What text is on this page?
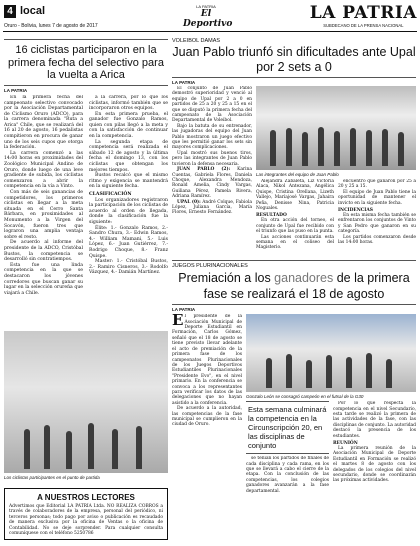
4 local	LA PATRIA
El Deportivo
LA PATRIA
SUBDECANO DE LA PRENSA NACIONAL
Oruro - Bolivia, lunes 7 de agosto de 2017
16 ciclistas participaron en la primera fecha del selectivo para la vuelta a Arica
LA PATRIA

En la primera fecha del campeonato selectivo convocado por la Asociación Departamental de Ciclismo Oruro (ADCO), para la carrera denominada "Ruta a Arica" Chile, que se realizará del 16 al 20 de agosto, 16 pedalistas compitieron en procura de ganar uno de los seis cupos que otorga la federación.

La carrera comenzó a las 14:00 horas en proximidades del Zoológico Municipal Andino de Oruro, donde luego de una leve gradiente de subida, los ciclistas comenzaron a abrir la competencia en la vía a Vinto.

Con más de seis ganancias de competidores, los primeros ciclistas en llegar a la meta situada en el Cerro Santa Bárbara, en proximidades al Monumento a la Virgen del Socavón, fueron tres que lograron una amplia ventaja sobre el resto.

De acuerdo al informe del presidente de la ADCO, Cristóbal Bustos, la competencia se desarrolló sin contratiempos.

Esta fue una linda competencia en la que se destacaron los jóvenes corredores que buscan ganar su lugar en la selección orureña que viajará a Chile.

a la carrera, por lo que los ciclistas, informó también que se incorporaron otros equipos.

En esta primera prueba, el ganador fue Gonzalo Ramos, quien con pilas llegó a la meta y con la satisfacción de continuar en la competencia.

La segunda etapa de competencia será realizada el sábado 12 de agosto y la última fecha el domingo 13, con los ciclistas que obtengan los mejores tiempos.

Bustos recalcó que el mismo ritmo y exigencia se mantendrá en la siguiente fecha.

CLASIFICACIÓN

Los organizadores registraron la participación de los ciclistas de acuerdo al orden de llegada, donde la clasificación fue la siguiente:

Élite: 1.- Gonzalo Ramos, 2.- Sandro Chura, 3.- Edwin Ramos, 4.- William Mamani, 5.- Luis López, 6.- Juan Gutiérrez, 7.- Rodrigo Choque, 8.- Franz Quispe.

Master: 1.- Cristóbal Bustos, 2.- Ramiro Cisneros, 3.- Rodolfo Vázquez, 4.- Damián Martínez.

Los ciclistas participantes en el punto de partida
A NUESTROS LECTORES
Advertimos que Editorial LA PATRIA Ltda. NO REALIZA COBROS a través de colaboradores de la empresa, personal del periódico, ni terceros personas; todo pago por aviso o publicación es recaudado de manera exclusiva por la oficina de Ventas o la oficina de Contabilidad. No se deje sorprender. Para cualquier consulta comuníquese con el teléfono 5250786
VOLEIBOL DAMAS
Juan Pablo triunfó sin dificultades ante Upal por 2 sets a 0
LA PATRIA

El conjunto de Juan Pablo demostró superioridad y venció al equipo de Upal por 2 a 0 en partidos de 25 a 20 y 25 a 15 en el que se disputó la primera fecha del campeonato de la Asociación Departamental de Voleibol.

Bajo la batuta de su entrenador, las jugadoras del equipo del Juan Pablo mostraron un juego efectivo que les permitió ganar los sets sin mayores complicaciones.

Upal mostró sus buenos tiros, pero las integrantes de Juan Pablo tuvieron la defensa necesaria.

JUAN PABLO (2): Karina Cuentas, Gabriela Flores, Daniela Choque, Alexandra Mendoza, Ronald Amelia, Cindy Vargas, Guiliana Pérez, Pamela Rivera, Adriana Ramírez.

UPAL (0): André Colque, Fabiola López, Juliana García, María Flores, Ernesto Fernández.

Las integrantes del equipo de Juan Pablo

Alejandra Zabaleta, Liz Victoria Alaca, Nikol Antezana, Angélica Quispe, Cristina Orellana, Lizeth Vallejo, Maríajosé Vargas, Jahaira Peña, Denisse Nina, Patricia Noguales.

RESULTADO

En otra acción del torneo, el conjunto de Upal fue recibido con el triunfo que las puso en la punta.

Las acciones continuarán esta semana en el coliseo del Magisterio.

encuentro que ganaron por 25 a 20 y 25 a 15.

El equipo de Juan Pablo tiene la oportunidad de mantener el invicto en la siguiente fecha.

INCIDENCIAS

En esta misma fecha también se enfrentaron los conjuntos de Vinto y San Pedro que ganaron en su categoría.

Los partidos comenzaron desde las 14:00 horas.

JUEGOS PLURINACIONALES
Premiación a los ganadores de la primera fase se realizará el 18 de agosto
LA PATRIA

El presidente de la Asociación Municipal de Deporte Estudiantil en Formación, Carlos Gómez, señaló que el 18 de agosto se tiene previsto llevar adelante el acto de premiación de la primera fase de los campeonatos Plurinacionales de los Juegos Deportivos Estudiantiles Plurinacionales "Presidente Evo", en el nivel primario. En la conferencia se convoca a los representantes para verificar los datos de las delegaciones que no hayan asistido a la conferencia.

De acuerdo a la autoridad, las competencias de la fase municipal se cumplieron en la ciudad de Oruro.

Gonzalo León se consagró campeón en el futsal de la G30
Esta semana culminará la competencia en la Circunscripción 20, en las disciplinas de conjunto

se tenían los partidos de finales de cada disciplina y cada rama, en los que se llevará a cabo el cierre de la etapa. Con la conclusión de las competencias, los colegios ganadores avanzarán a la fase departamental.

Por lo que respecta la competencia en el nivel Secundario, esta tarde se realizó la primera de las actividades de la fase, con las disciplinas de conjunto. La autoridad destacó la presencia de los estudiantes.

REUNIÓN

La primera reunión de la Asociación Municipal de Deporte Estudiantil en Formación se realizó el martes 8 de agosto con los delegados de los colegios del nivel secundario, donde se coordinarán las próximas actividades.
